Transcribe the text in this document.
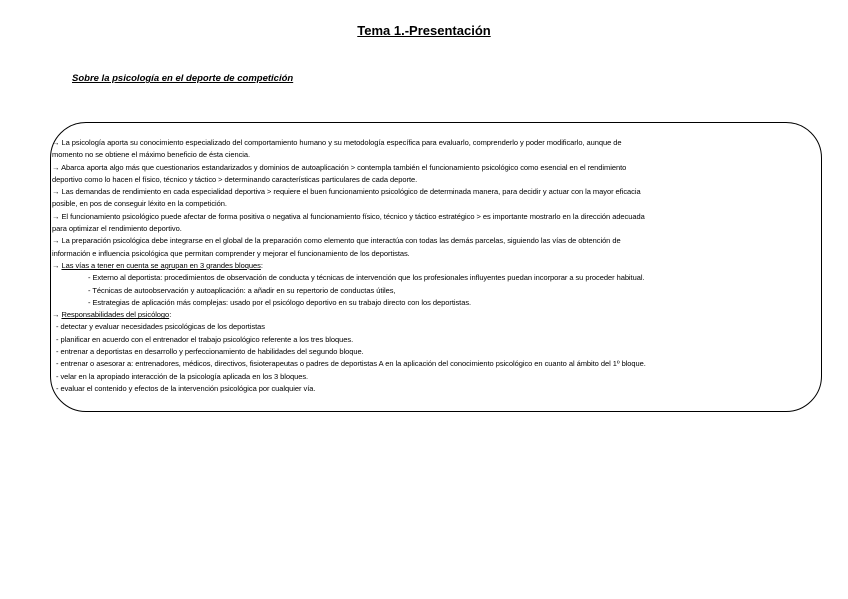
Tema 1.-Presentación
Sobre la psicología en el deporte de competición
→ La psicología aporta su conocimiento especializado del comportamiento humano y su metodología específica para evaluarlo, comprenderlo y poder modificarlo, aunque de
momento no se obtiene el máximo beneficio de ésta ciencia.
→ Abarca aporta algo más que cuestionarios estandarizados y dominios de autoaplicación > contempla también el funcionamiento psicológico como esencial en el rendimiento
deportivo como lo hacen el físico, técnico y táctico > determinando características particulares de cada deporte.
→ Las demandas de rendimiento en cada especialidad deportiva > requiere el buen funcionamiento psicológico de determinada manera, para decidir y actuar con la mayor eficacia
posible, en pos de conseguir léxito en la competición.
→ El funcionamiento psicológico puede afectar de forma positiva o negativa al funcionamiento físico, técnico y táctico estratégico > es importante mostrarlo en la dirección adecuada
para optimizar el rendimiento deportivo.
→ La preparación psicológica debe integrarse en el global de la preparación como elemento que interactúa con todas las demás parcelas, siguiendo las vías de obtención de
información e influencia psicológica que permitan comprender y mejorar el funcionamiento de los deportistas.
→ Las vías a tener en cuenta se agrupan en 3 grandes bloques:
- Externo al deportista: procedimientos de observación de conducta y técnicas de intervención que los profesionales influyentes puedan incorporar a su proceder habitual.
- Técnicas de autoobservación y autoaplicación: a añadir en su repertorio de conductas útiles,
- Estrategias de aplicación más complejas: usado por el psicólogo deportivo en su trabajo directo con los deportistas.
→ Responsabilidades del psicólogo:
- detectar y evaluar necesidades psicológicas de los deportistas
- planificar en acuerdo con el entrenador el trabajo psicológico referente a los tres bloques.
- entrenar a deportistas en desarrollo y perfeccionamiento de habilidades del segundo bloque.
- entrenar o asesorar a: entrenadores, médicos, directivos, fisioterapeutas o padres de deportistas A en la aplicación del conocimiento psicológico en cuanto al ámbito del 1º bloque.
- velar en la apropiado interacción de la psicología aplicada en los 3 bloques.
- evaluar el contenido y efectos de la intervención psicológica por cualquier vía.
